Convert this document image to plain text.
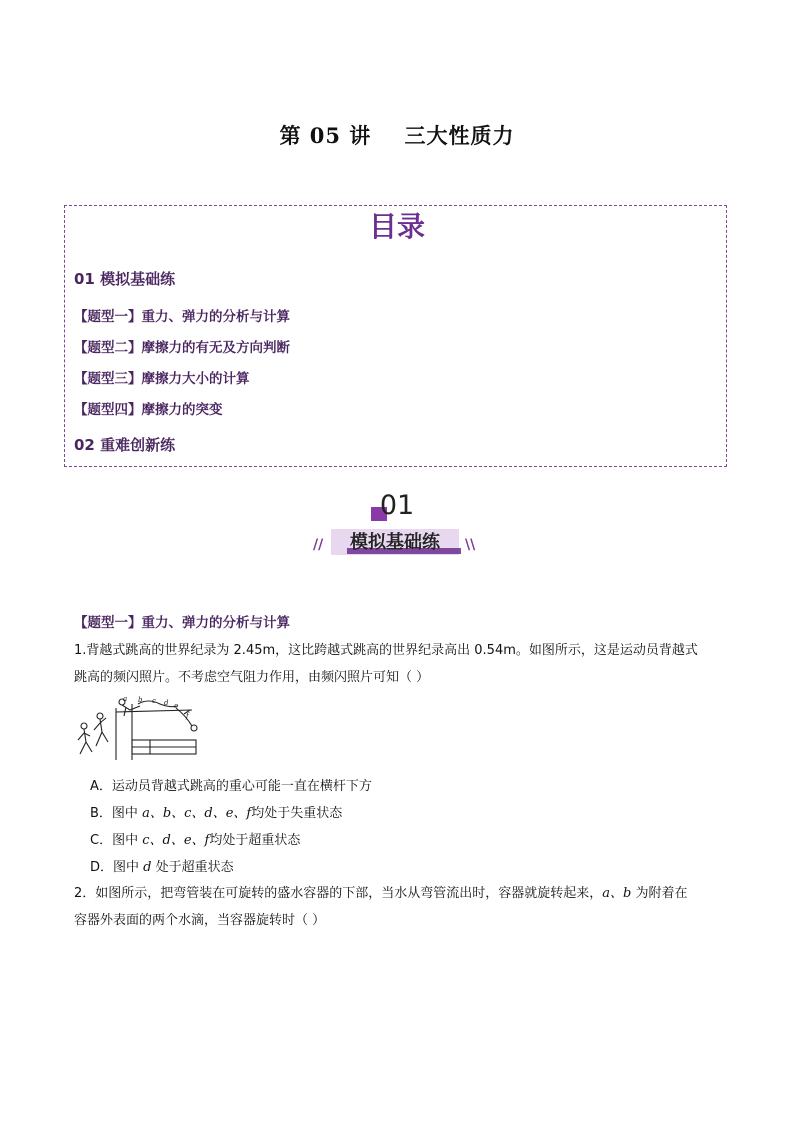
第 05 讲    三大性质力
目录
01 模拟基础练
【题型一】重力、弹力的分析与计算
【题型二】摩擦力的有无及方向判断
【题型三】摩擦力大小的计算
【题型四】摩擦力的突变
02 重难创新练
01
模拟基础练
//	\\
【题型一】重力、弹力的分析与计算
1.背越式跳高的世界纪录为 2.45m，这比跨越式跳高的世界纪录高出 0.54m。如图所示，这是运动员背越式
跳高的频闪照片。不考虑空气阻力作用，由频闪照片可知（ ）
a b c d e
f
A．运动员背越式跳高的重心可能一直在横杆下方
B．图中 a、b、c、d、e、f均处于失重状态
C．图中 c、d、e、f均处于超重状态
D．图中 d 处于超重状态
2．如图所示，把弯管装在可旋转的盛水容器的下部，当水从弯管流出时，容器就旋转起来，a、b 为附着在
容器外表面的两个水滴，当容器旋转时（ ）
